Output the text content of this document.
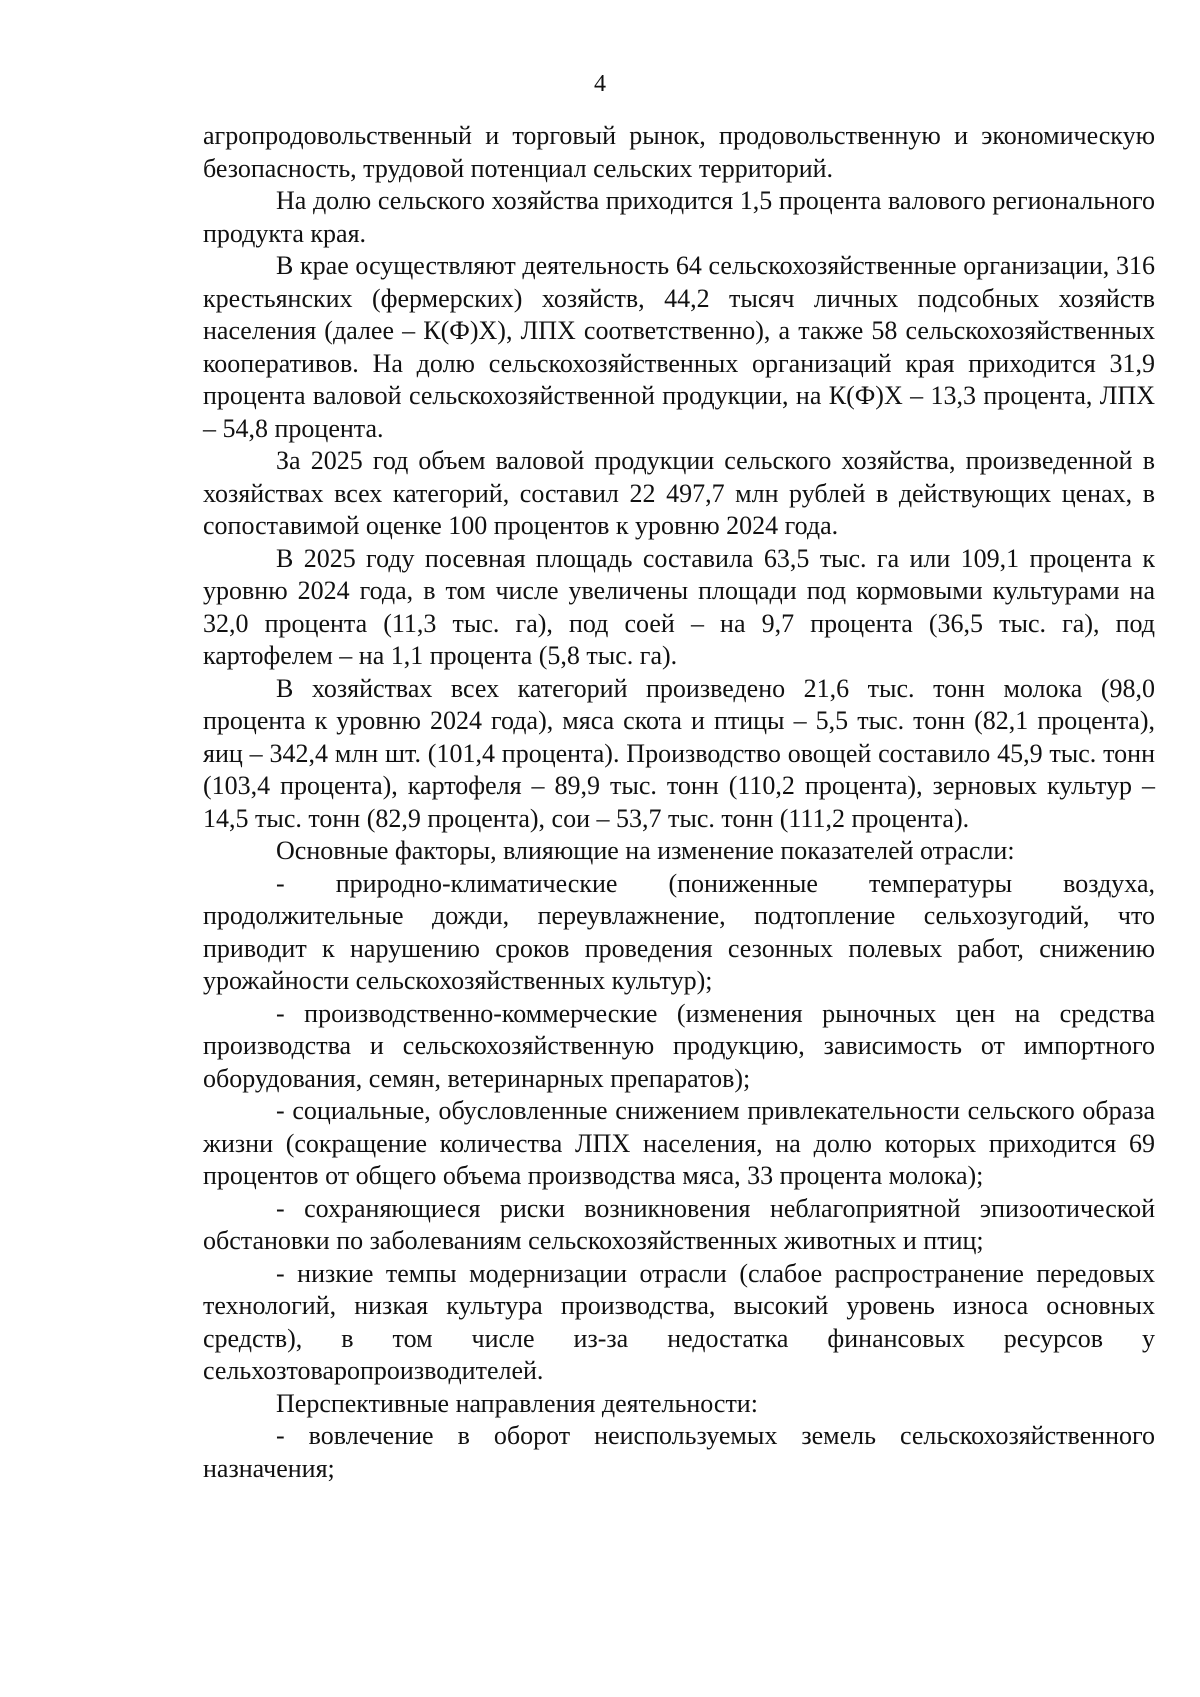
4

агропродовольственный и торговый рынок, продовольственную и экономическую безопасность, трудовой потенциал сельских территорий.

На долю сельского хозяйства приходится 1,5 процента валового регионального продукта края.

В крае осуществляют деятельность 64 сельскохозяйственные организации, 316 крестьянских (фермерских) хозяйств, 44,2 тысяч личных подсобных хозяйств населения (далее – К(Ф)Х), ЛПХ соответственно), а также 58 сельскохозяйственных кооперативов. На долю сельскохозяйственных организаций края приходится 31,9 процента валовой сельскохозяйственной продукции, на К(Ф)Х – 13,3 процента, ЛПХ – 54,8 процента.

За 2025 год объем валовой продукции сельского хозяйства, произведенной в хозяйствах всех категорий, составил 22 497,7 млн рублей в действующих ценах, в сопоставимой оценке 100 процентов к уровню 2024 года.

В 2025 году посевная площадь составила 63,5 тыс. га или 109,1 процента к уровню 2024 года, в том числе увеличены площади под кормовыми культурами на 32,0 процента (11,3 тыс. га), под соей – на 9,7 процента (36,5 тыс. га), под картофелем – на 1,1 процента (5,8 тыс. га).

В хозяйствах всех категорий произведено 21,6 тыс. тонн молока (98,0 процента к уровню 2024 года), мяса скота и птицы – 5,5 тыс. тонн (82,1 процента), яиц – 342,4 млн шт. (101,4 процента). Производство овощей составило 45,9 тыс. тонн (103,4 процента), картофеля – 89,9 тыс. тонн (110,2 процента), зерновых культур – 14,5 тыс. тонн (82,9 процента), сои – 53,7 тыс. тонн (111,2 процента).

Основные факторы, влияющие на изменение показателей отрасли:

- природно-климатические (пониженные температуры воздуха, продолжительные дожди, переувлажнение, подтопление сельхозугодий, что приводит к нарушению сроков проведения сезонных полевых работ, снижению урожайности сельскохозяйственных культур);

- производственно-коммерческие (изменения рыночных цен на средства производства и сельскохозяйственную продукцию, зависимость от импортного оборудования, семян, ветеринарных препаратов);

- социальные, обусловленные снижением привлекательности сельского образа жизни (сокращение количества ЛПХ населения, на долю которых приходится 69 процентов от общего объема производства мяса, 33 процента молока);

- сохраняющиеся риски возникновения неблагоприятной эпизоотической обстановки по заболеваниям сельскохозяйственных животных и птиц;

- низкие темпы модернизации отрасли (слабое распространение передовых технологий, низкая культура производства, высокий уровень износа основных средств), в том числе из-за недостатка финансовых ресурсов у сельхозтоваропроизводителей.

Перспективные направления деятельности:

- вовлечение в оборот неиспользуемых земель сельскохозяйственного назначения;
